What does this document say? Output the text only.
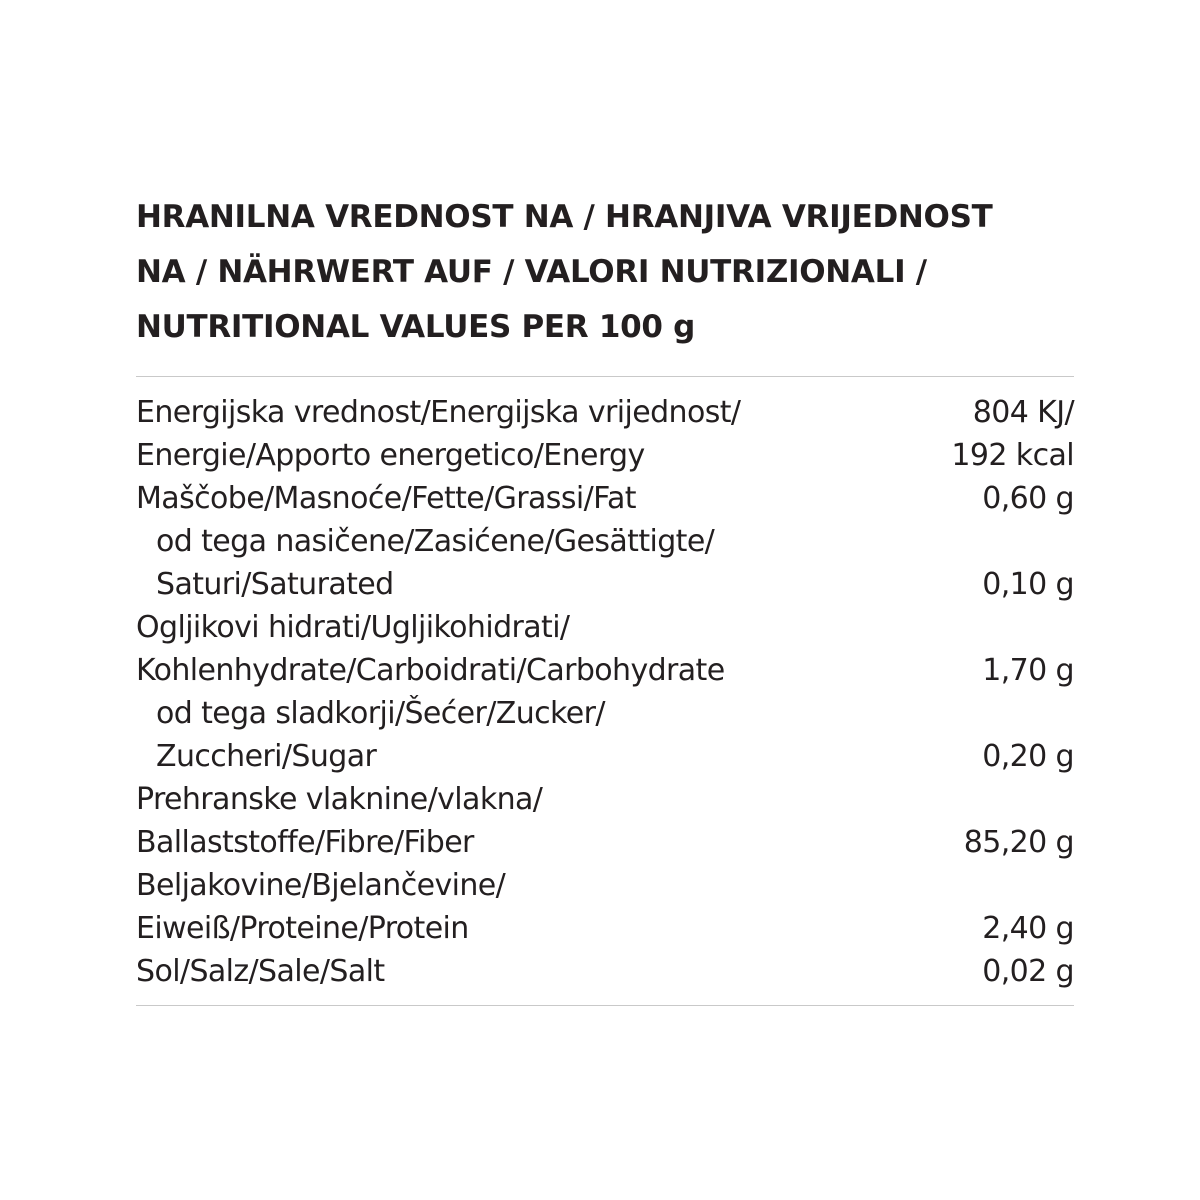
HRANILNA VREDNOST NA / HRANJIVA VRIJEDNOST
NA / NÄHRWERT AUF / VALORI NUTRIZIONALI /
NUTRITIONAL VALUES PER 100 g
Energijska vrednost/Energijska vrijednost/	804 KJ/
Energie/Apporto energetico/Energy	192 kcal
Maščobe/Masnoće/Fette/Grassi/Fat	0,60 g
od tega nasičene/Zasićene/Gesättigte/
Saturi/Saturated	0,10 g
Ogljikovi hidrati/Ugljikohidrati/
Kohlenhydrate/Carboidrati/Carbohydrate	1,70 g
od tega sladkorji/Šećer/Zucker/
Zuccheri/Sugar	0,20 g
Prehranske vlaknine/vlakna/
Ballaststoffe/Fibre/Fiber	85,20 g
Beljakovine/Bjelančevine/
Eiweiß/Proteine/Protein	2,40 g
Sol/Salz/Sale/Salt	0,02 g
